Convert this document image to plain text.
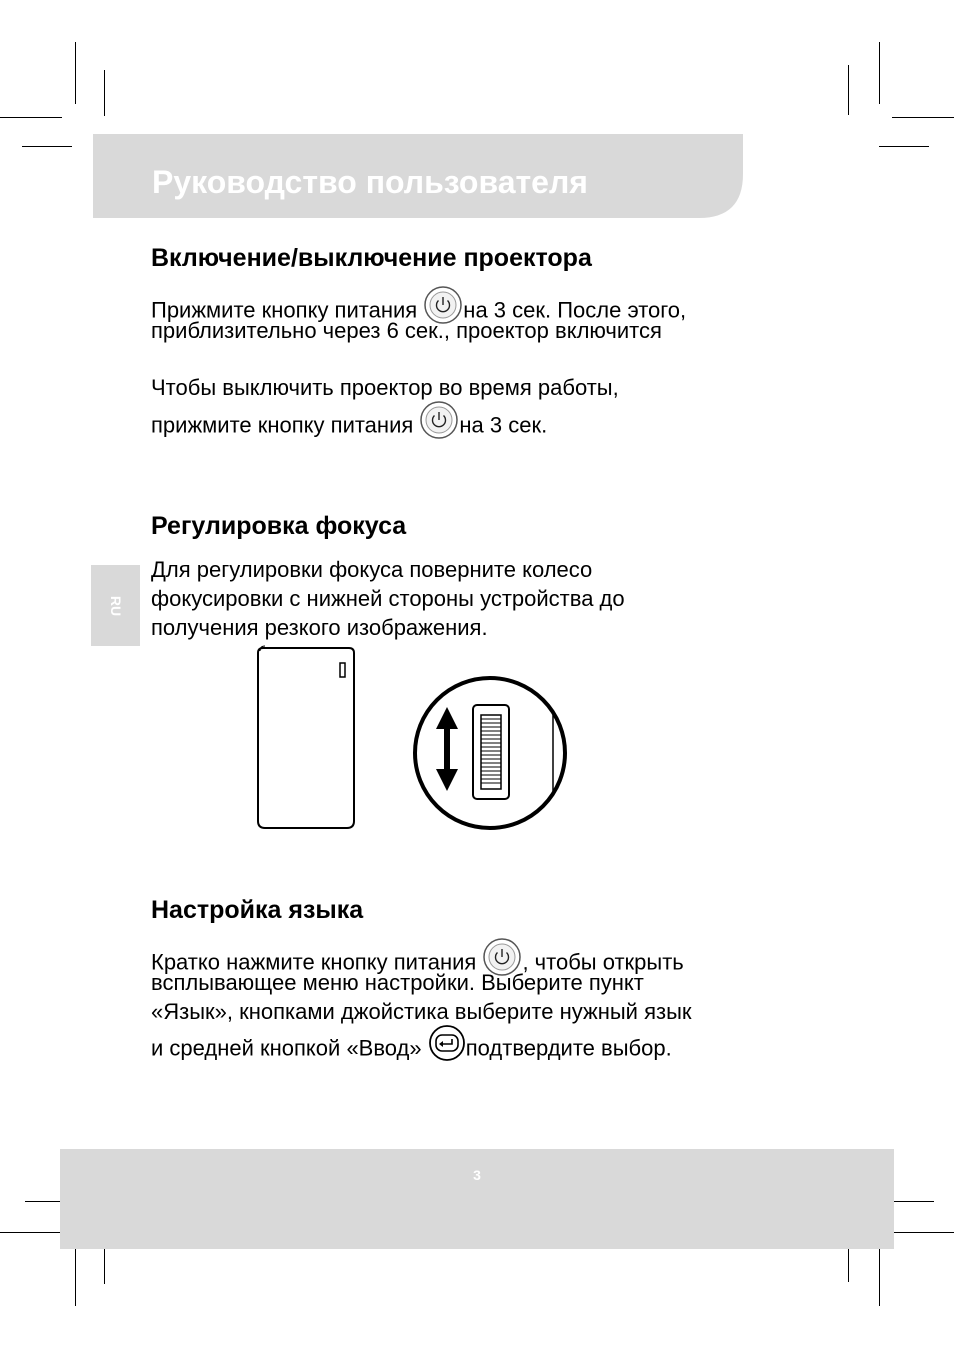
Руководство пользователя
Включение/выключение проектора
Прижмите кнопку питания на 3 сек. После этого,
приблизительно через 6 сек., проектор включится
Чтобы выключить проектор во время работы,
прижмите кнопку питания на 3 сек.
RU
Регулировка фокуса
Для регулировки фокуса поверните колесо
фокусировки с нижней стороны устройства до
получения резкого изображения.
Настройка языка
Кратко нажмите кнопку питания , чтобы открыть
всплывающее меню настройки. Выберите пункт
«Язык», кнопками джойстика выберите нужный язык
и средней кнопкой «Ввод» подтвердите выбор.
3
